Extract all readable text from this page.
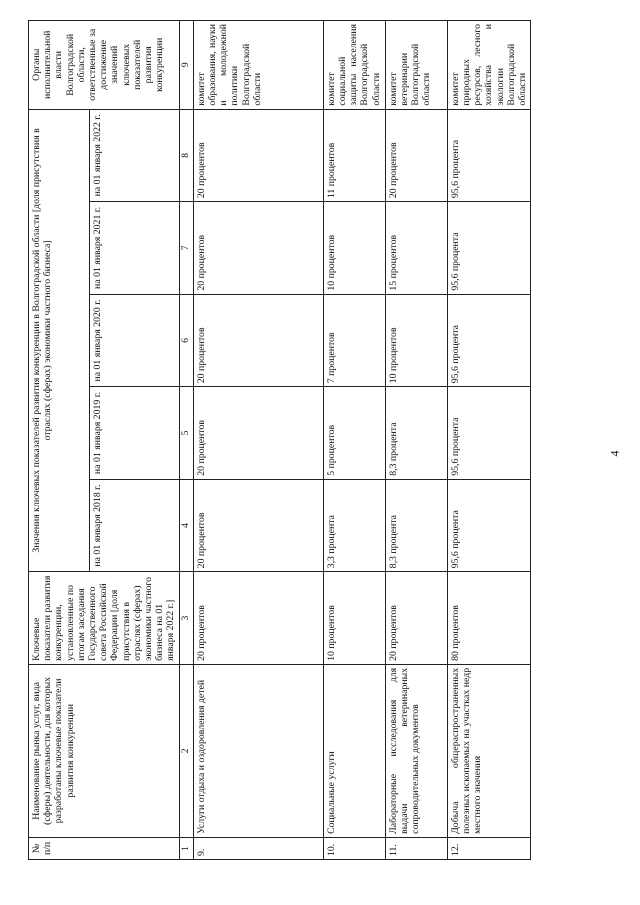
4
№ п/п	Наименование рынка услуг, вида (сферы) деятельности, для которых разработаны ключевые показатели развития конкуренции	Ключевые показатели развития конкуренции, установленные по итогам заседания Государственного совета Российской Федерации [доля присутствия в отраслях (сферах) экономики частного бизнеса на 01 января 2022 г.]	Значения ключевых показателей развития конкуренции в Волгоградской области [доля присутствия в отраслях (сферах) экономики частного бизнеса]					Органы исполнительной власти Волгоградской области, ответственные за достижение значений ключевых показателей развития конкуренции
			на 01 января 2018 г.	на 01 января 2019 г.	на 01 января 2020 г.	на 01 января 2021 г.	на 01 января 2022 г.	
1	2	3	4	5	6	7	8	9
9.	Услуги отдыха и оздоровления детей	20 процентов	20 процентов	20 процентов	20 процентов	20 процентов	20 процентов	комитет образования, науки и молодежной политики Волгоградской области
10.	Социальные услуги	10 процентов	3,3 процента	5 процентов	7 процентов	10 процентов	11 процентов	комитет социальной защиты населения Волгоградской области
11.	Лабораторные исследования для выдачи ветеринарных сопроводительных документов	20 процентов	8,3 процента	8,3 процента	10 процентов	15 процентов	20 процентов	комитет ветеринарии Волгоградской области
12.	Добыча общераспространенных полезных ископаемых на участках недр местного значения	80 процентов	95,6 процента	95,6 процента	95,6 процента	95,6 процента	95,6 процента	комитет природных ресурсов, лесного хозяйства и экологии Волгоградской области
